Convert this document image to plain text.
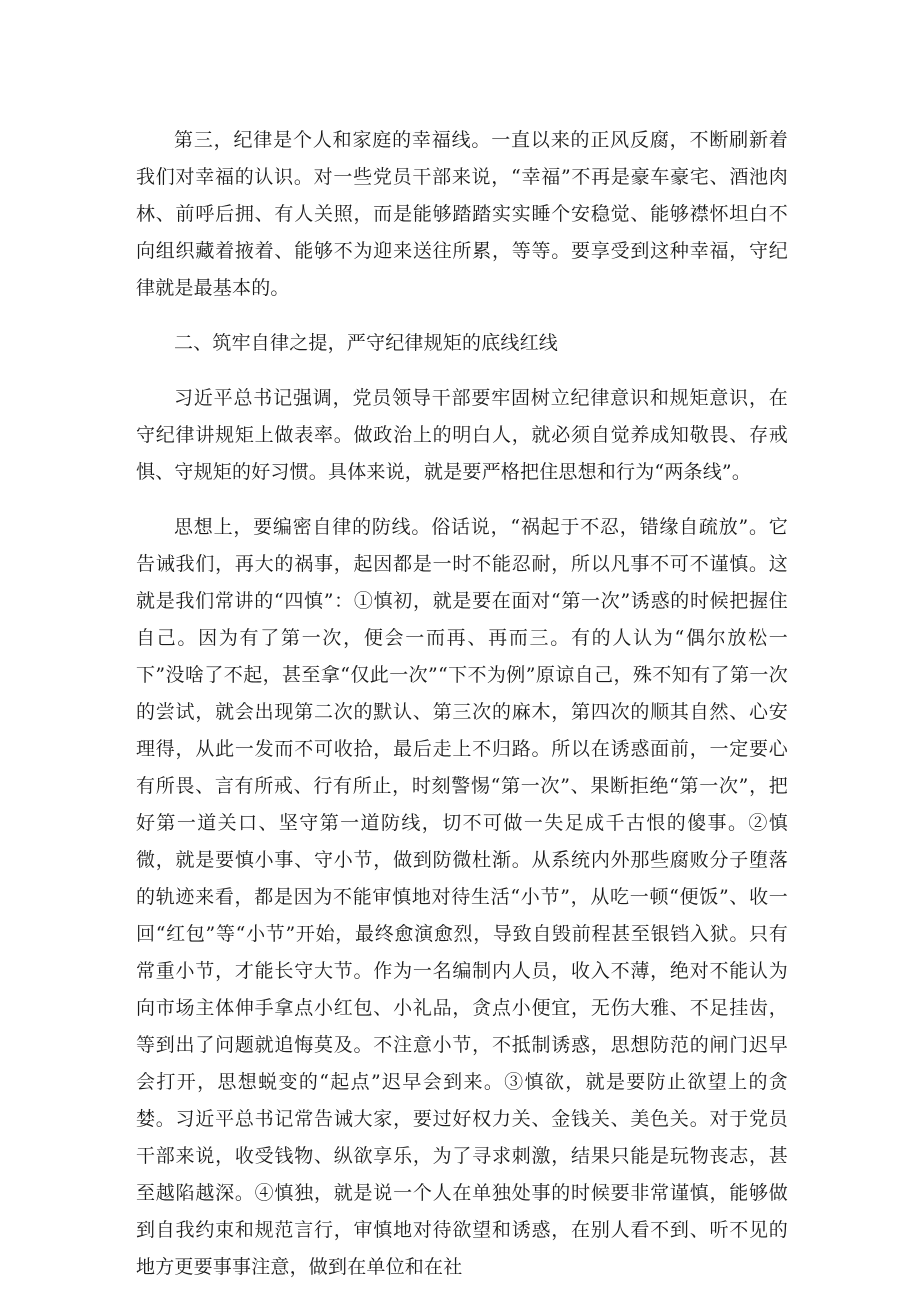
第三，纪律是个人和家庭的幸福线。一直以来的正风反腐，不断刷新着我们对幸福的认识。对一些党员干部来说，“幸福”不再是豪车豪宅、酒池肉林、前呼后拥、有人关照，而是能够踏踏实实睡个安稳觉、能够襟怀坦白不向组织藏着掖着、能够不为迎来送往所累，等等。要享受到这种幸福，守纪律就是最基本的。

二、筑牢自律之提，严守纪律规矩的底线红线

习近平总书记强调，党员领导干部要牢固树立纪律意识和规矩意识，在守纪律讲规矩上做表率。做政治上的明白人，就必须自觉养成知敬畏、存戒惧、守规矩的好习惯。具体来说，就是要严格把住思想和行为“两条线”。

思想上，要编密自律的防线。俗话说，“祸起于不忍，错缘自疏放”。它告诫我们，再大的祸事，起因都是一时不能忍耐，所以凡事不可不谨慎。这就是我们常讲的“四慎”：①慎初，就是要在面对“第一次”诱惑的时候把握住自己。因为有了第一次，便会一而再、再而三。有的人认为“偶尔放松一下”没啥了不起，甚至拿“仅此一次”“下不为例”原谅自己，殊不知有了第一次的尝试，就会出现第二次的默认、第三次的麻木，第四次的顺其自然、心安理得，从此一发而不可收拾，最后走上不归路。所以在诱惑面前，一定要心有所畏、言有所戒、行有所止，时刻警惕“第一次”、果断拒绝“第一次”，把好第一道关口、坚守第一道防线，切不可做一失足成千古恨的傻事。②慎微，就是要慎小事、守小节，做到防微杜渐。从系统内外那些腐败分子堕落的轨迹来看，都是因为不能审慎地对待生活“小节”，从吃一顿“便饭”、收一回“红包”等“小节”开始，最终愈演愈烈，导致自毁前程甚至银铛入狱。只有常重小节，才能长守大节。作为一名编制内人员，收入不薄，绝对不能认为向市场主体伸手拿点小红包、小礼品，贪点小便宜，无伤大雅、不足挂齿，等到出了问题就追悔莫及。不注意小节，不抵制诱惑，思想防范的闸门迟早会打开，思想蜕变的“起点”迟早会到来。③慎欲，就是要防止欲望上的贪婪。习近平总书记常告诫大家，要过好权力关、金钱关、美色关。对于党员干部来说，收受钱物、纵欲享乐，为了寻求刺激，结果只能是玩物丧志，甚至越陷越深。④慎独，就是说一个人在单独处事的时候要非常谨慎，能够做到自我约束和规范言行，审慎地对待欲望和诱惑，在别人看不到、听不见的地方更要事事注意，做到在单位和在社
